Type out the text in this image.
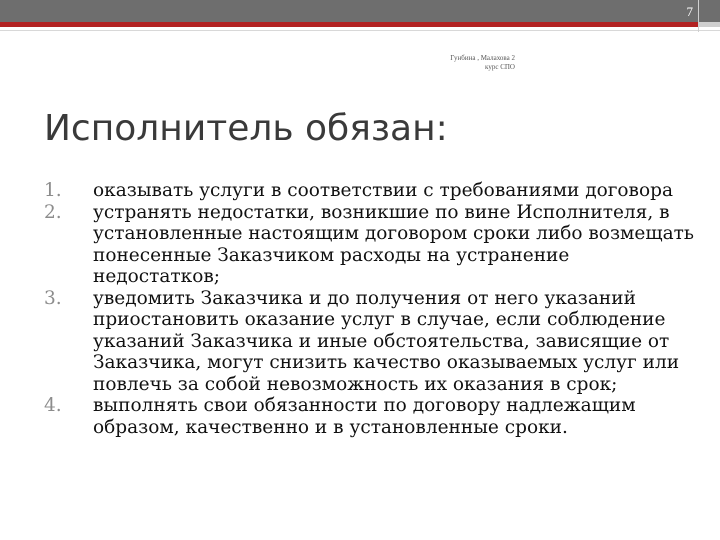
7
Гунбина , Малахова 2
курс СПО
Исполнитель обязан:
1.	оказывать услуги в соответствии с требованиями договора
2.	устранять недостатки, возникшие по вине Исполнителя, в установленные настоящим договором сроки либо возмещать понесенные Заказчиком расходы на устранение недостатков;
3.	уведомить Заказчика и до получения от него указаний приостановить оказание услуг в случае, если соблюдение указаний Заказчика и иные обстоятельства, зависящие от Заказчика, могут снизить качество оказываемых услуг или повлечь за собой невозможность их оказания в срок;
4.	выполнять свои обязанности по договору надлежащим образом, качественно и в установленные сроки.
